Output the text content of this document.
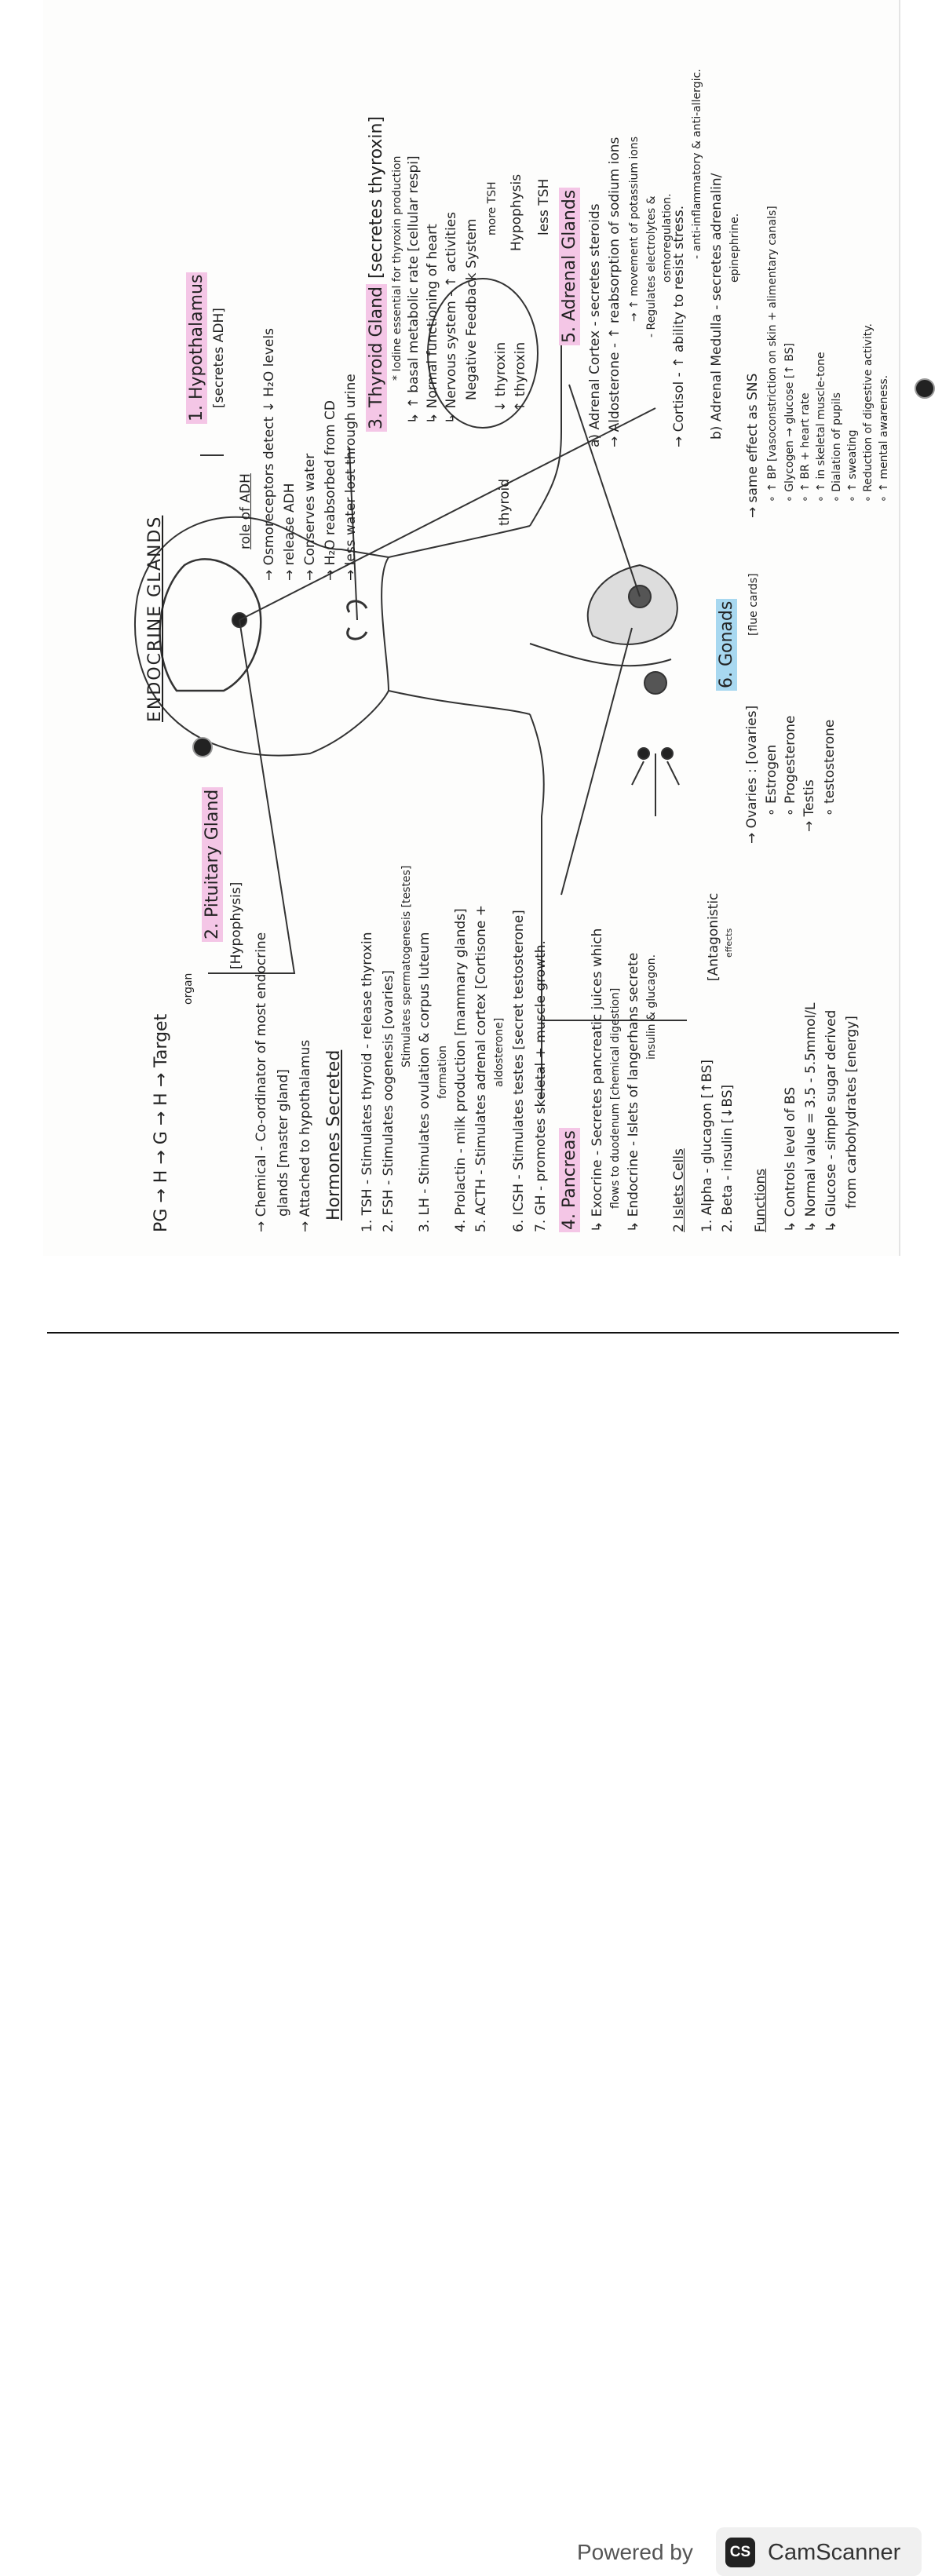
ENDOCRINE GLANDS
PG → H → G → H → Target
organ
2. Pituitary Gland [Hypophysis]
→ Chemical - Co-ordinator of most endocrine glands [master gland] → Attached to hypothalamus Hormones Secreted 1. TSH - Stimulates thyroid - release thyroxin 2. FSH - Stimulates oogenesis [ovaries]
Stimulates spermatogenesis [testes] 3. LH - Stimulates ovulation & corpus luteum formation 4. Prolactin - milk production [mammary glands] 5. ACTH - Stimulates adrenal cortex [Cortisone + aldosterone] 6. ICSH - Stimulates testes [secret testosterone] 7. GH - promotes skeletal + muscle growth. 4. Pancreas ↳ Exocrine - Secretes pancreatic juices which flows to duodenum [chemical digestion] ↳ Endocrine - Islets of langerhans secrete insulin & glucagon.
2 Islets Cells 1. Alpha - glucagon [↑BS] 2. Beta - insulin [↓BS]
[Antagonistic effects
Functions ↳ Controls level of BS ↳ Normal value = 3.5 - 5.5mmol/L ↳ Glucose - simple sugar derived from carbohydrates [energy]
6. Gonads
→ Ovaries : [ovaries] ∘ Estrogen ∘ Progesterone → Testis ∘ testosterone
1. Hypothalamus [secretes ADH]
role of ADH → Osmoreceptors detect ↓ H₂O levels → release ADH → Conserves water → H₂O reabsorbed from CD → less water lost through urine
3. Thyroid Gland [secretes thyroxin] * Iodine essential for thyroxin production ↳ ↑ basal metabolic rate [cellular respi] ↳ Normal functioning of heart ↳ Nervous system - ↑ activities Negative Feedback System
thyroid
↓ thyroxin ↑ thyroxin
Hypophysis
more TSH	less TSH 5. Adrenal Glands a) Adrenal Cortex - secretes steroids → Aldosterone - ↑ reabsorption of sodium ions → ↑ movement of potassium ions - Regulates electrolytes & osmoregulation.
→ Cortisol - ↑ ability to resist stress.
- anti-inflammatory & anti-allergic.
b) Adrenal Medulla - secretes adrenalin/ epinephrine.
[flue cards]
→ same effect as SNS ∘ ↑ BP [vasoconstriction on skin + alimentary canals] ∘ Glycogen → glucose [↑ BS] ∘ ↑ BR + heart rate ∘ ↑ in skeletal muscle-tone ∘ Dialation of pupils ∘ ↑ sweating ∘ Reduction of digestive activity. ∘ ↑ mental awareness.
Powered by	CS CamScanner
